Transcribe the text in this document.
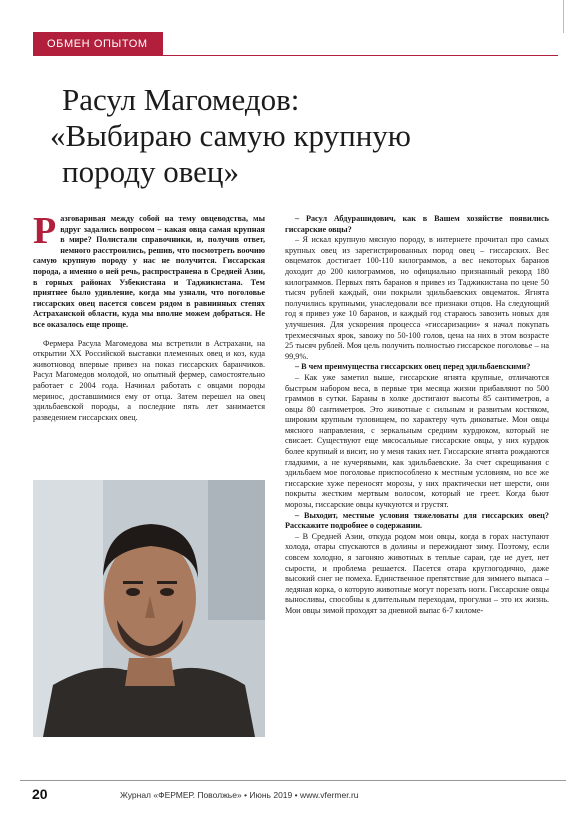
ОБМЕН ОПЫТОМ
Расул Магомедов:
«Выбираю самую крупную
породу овец»

Разговаривая между собой на тему овцеводства, мы вдруг задались вопросом – какая овца самая крупная в мире? Полистали справочники, и, получив ответ, немного расстроились, решив, что посмотреть воочию самую крупную породу у нас не получится. Гиссарская порода, а именно о ней речь, распространена в Средней Азии, в горных районах Узбекистана и Таджикистана. Тем приятнее было удивление, когда мы узнали, что поголовье гиссарских овец пасется совсем рядом в равнинных степях Астраханской области, куда мы вполне можем добраться. Не все оказалось еще проще.

Фермера Расула Магомедова мы встретили в Астрахани, на открытии XX Российской выставки племенных овец и коз, куда животновод впервые привез на показ гиссарских баранчиков. Расул Магомедов молодой, но опытный фермер, самостоятельно работает с 2004 года. Начинал работать с овцами породы меринос, доставшимися ему от отца. Затем перешел на овец эдильбаевской породы, а последние пять лет занимается разведением гиссарских овец.

– Расул Абдурашидович, как в Вашем хозяйстве появились гиссарские овцы?

– Я искал крупную мясную породу, в интернете прочитал про самых крупных овец из зарегистрированных пород овец – гиссарских. Вес овцематок достигает 100-110 килограммов, а вес некоторых баранов доходит до 200 килограммов, но официально признанный рекорд 180 килограммов. Первых пять баранов я привез из Таджикистана по цене 50 тысяч рублей каждый, они покрыли эдильбаевских овцематок. Ягнята получились крупными, унаследовали все признаки отцов. На следующий год я привез уже 10 баранов, и каждый год стараюсь завозить новых для улучшения. Для ускорения процесса «гиссаризации» я начал покупать трехмесячных ярок, завожу по 50-100 голов, цена на них в этом возрасте 25 тысяч рублей. Моя цель получить полностью гиссарское поголовье – на 99,9%.

– В чем преимущества гиссарских овец перед эдильбаевскими?

– Как уже заметил выше, гиссарские ягнята крупные, отличаются быстрым набором веса, в первые три месяца жизни прибавляют по 500 граммов в сутки. Бараны в холке достигают высоты 85 сантиметров, а овцы 80 сантиметров. Это животные с сильным и развитым костяком, широким крупным туловищем, по характеру чуть диковатые. Мои овцы мясного направления, с зеркальным средним курдюком, который не свисает. Существуют еще мясосальные гиссарские овцы, у них курдюк более крупный и висит, но у меня таких нет. Гиссарские ягнята рождаются гладкими, а не кучерявыми, как эдильбаевские. За счет скрещивания с эдильбаем мое поголовье приспособлено к местным условиям, но все же гиссарские хуже переносят морозы, у них практически нет шерсти, они покрыты жестким мертвым волосом, который не греет. Когда бьют морозы, гиссарские овцы кучкуются и грустят.

– Выходит, местные условия тяжеловаты для гиссарских овец? Расскажите подробнее о содержании.

– В Средней Азии, откуда родом мои овцы, когда в горах наступают холода, отары спускаются в долины и пережидают зиму. Поэтому, если совсем холодно, я загоняю животных в теплые сараи, где не дует, нет сырости, и проблема решается. Пасется отара круглогодично, даже высокий снег не помеха. Единственное препятствие для зимнего выпаса – ледяная корка, о которую животные могут порезать ноги. Гиссарские овцы выносливы, способны к длительным переходам, прогулки – это их жизнь. Мои овцы зимой проходят за дневной выпас 6-7 киломе-

20	Журнал «ФЕРМЕР. Поволжье» • Июнь 2019 • www.vfermer.ru
